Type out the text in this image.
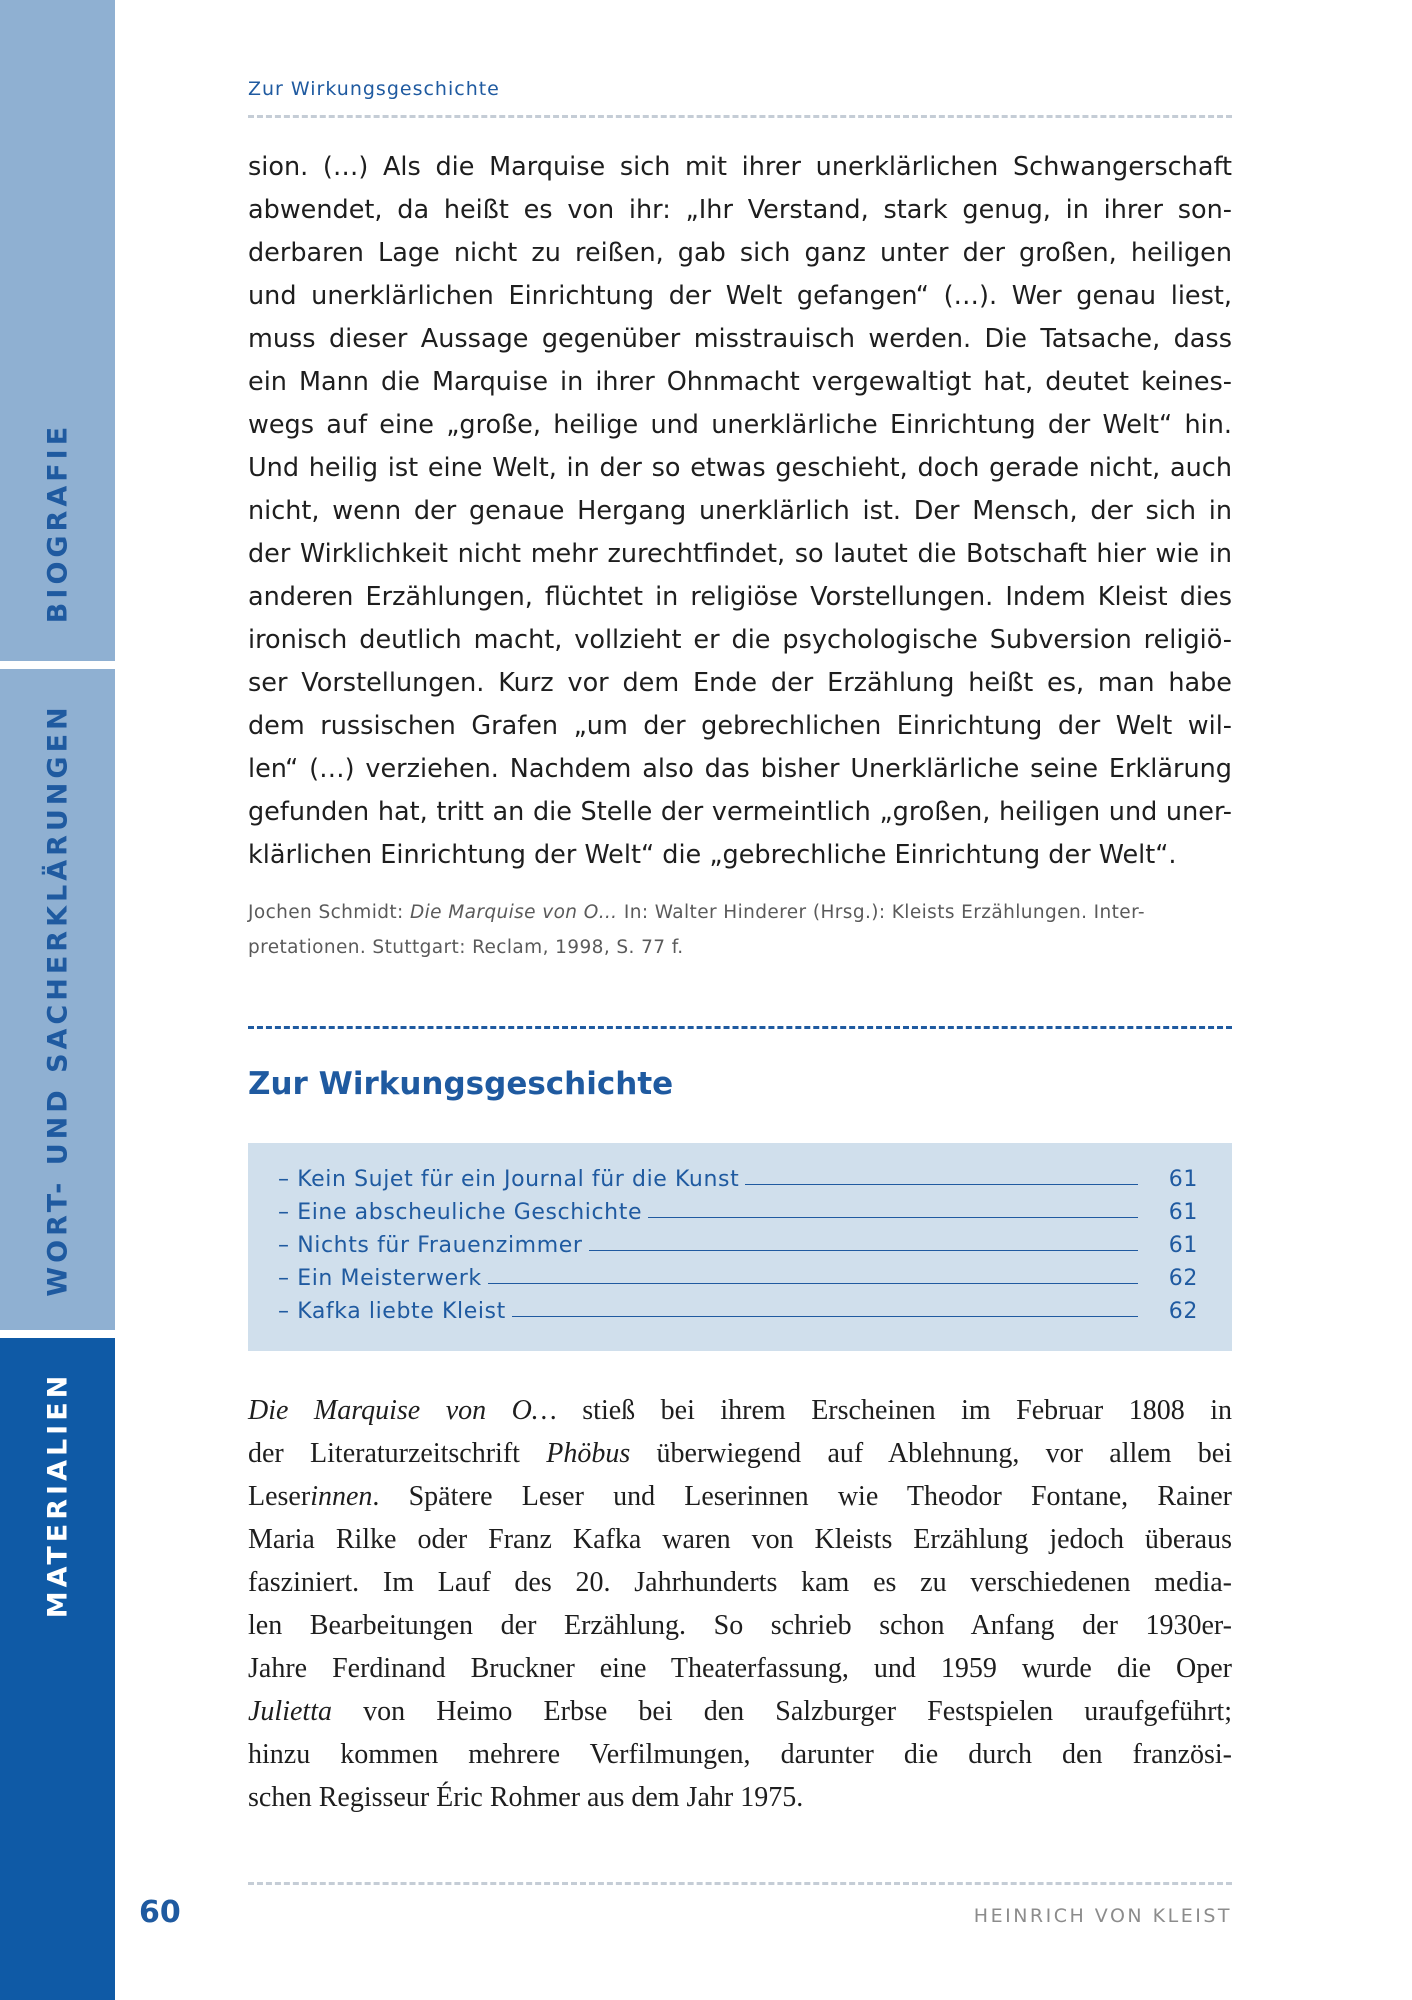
BIOGRAFIE
WORT- UND SACHERKLÄRUNGEN
MATERIALIEN
Zur Wirkungsgeschichte
sion. (…) Als die Marquise sich mit ihrer unerklärlichen Schwangerschaft
abwendet, da heißt es von ihr: „Ihr Verstand, stark genug, in ihrer son-
derbaren Lage nicht zu reißen, gab sich ganz unter der großen, heiligen
und unerklärlichen Einrichtung der Welt gefangen“ (…). Wer genau liest,
muss dieser Aussage gegenüber misstrauisch werden. Die Tatsache, dass
ein Mann die Marquise in ihrer Ohnmacht vergewaltigt hat, deutet keines-
wegs auf eine „große, heilige und unerklärliche Einrichtung der Welt“ hin.
Und heilig ist eine Welt, in der so etwas geschieht, doch gerade nicht, auch
nicht, wenn der genaue Hergang unerklärlich ist. Der Mensch, der sich in
der Wirklichkeit nicht mehr zurechtfindet, so lautet die Botschaft hier wie in
anderen Erzählungen, flüchtet in religiöse Vorstellungen. Indem Kleist dies
ironisch deutlich macht, vollzieht er die psychologische Subversion religiö-
ser Vorstellungen. Kurz vor dem Ende der Erzählung heißt es, man habe
dem russischen Grafen „um der gebrechlichen Einrichtung der Welt wil-
len“ (…) verziehen. Nachdem also das bisher Unerklärliche seine Erklärung
gefunden hat, tritt an die Stelle der vermeintlich „großen, heiligen und uner-
klärlichen Einrichtung der Welt“ die „gebrechliche Einrichtung der Welt“.
Jochen Schmidt: Die Marquise von O… In: Walter Hinderer (Hrsg.): Kleists Erzählungen. Inter-
pretationen. Stuttgart: Reclam, 1998, S. 77 f.
Zur Wirkungsgeschichte
– Kein Sujet für ein Journal für die Kunst	61
– Eine abscheuliche Geschichte	61
– Nichts für Frauenzimmer	61
– Ein Meisterwerk	62
– Kafka liebte Kleist	62
Die Marquise von O… stieß bei ihrem Erscheinen im Februar 1808 in
der Literaturzeitschrift Phöbus überwiegend auf Ablehnung, vor allem bei
Leserinnen. Spätere Leser und Leserinnen wie Theodor Fontane, Rainer
Maria Rilke oder Franz Kafka waren von Kleists Erzählung jedoch überaus
fasziniert. Im Lauf des 20. Jahrhunderts kam es zu verschiedenen media-
len Bearbeitungen der Erzählung. So schrieb schon Anfang der 1930er-
Jahre Ferdinand Bruckner eine Theaterfassung, und 1959 wurde die Oper
Julietta von Heimo Erbse bei den Salzburger Festspielen uraufgeführt;
hinzu kommen mehrere Verfilmungen, darunter die durch den französi-
schen Regisseur Éric Rohmer aus dem Jahr 1975.
60	HEINRICH VON KLEIST
